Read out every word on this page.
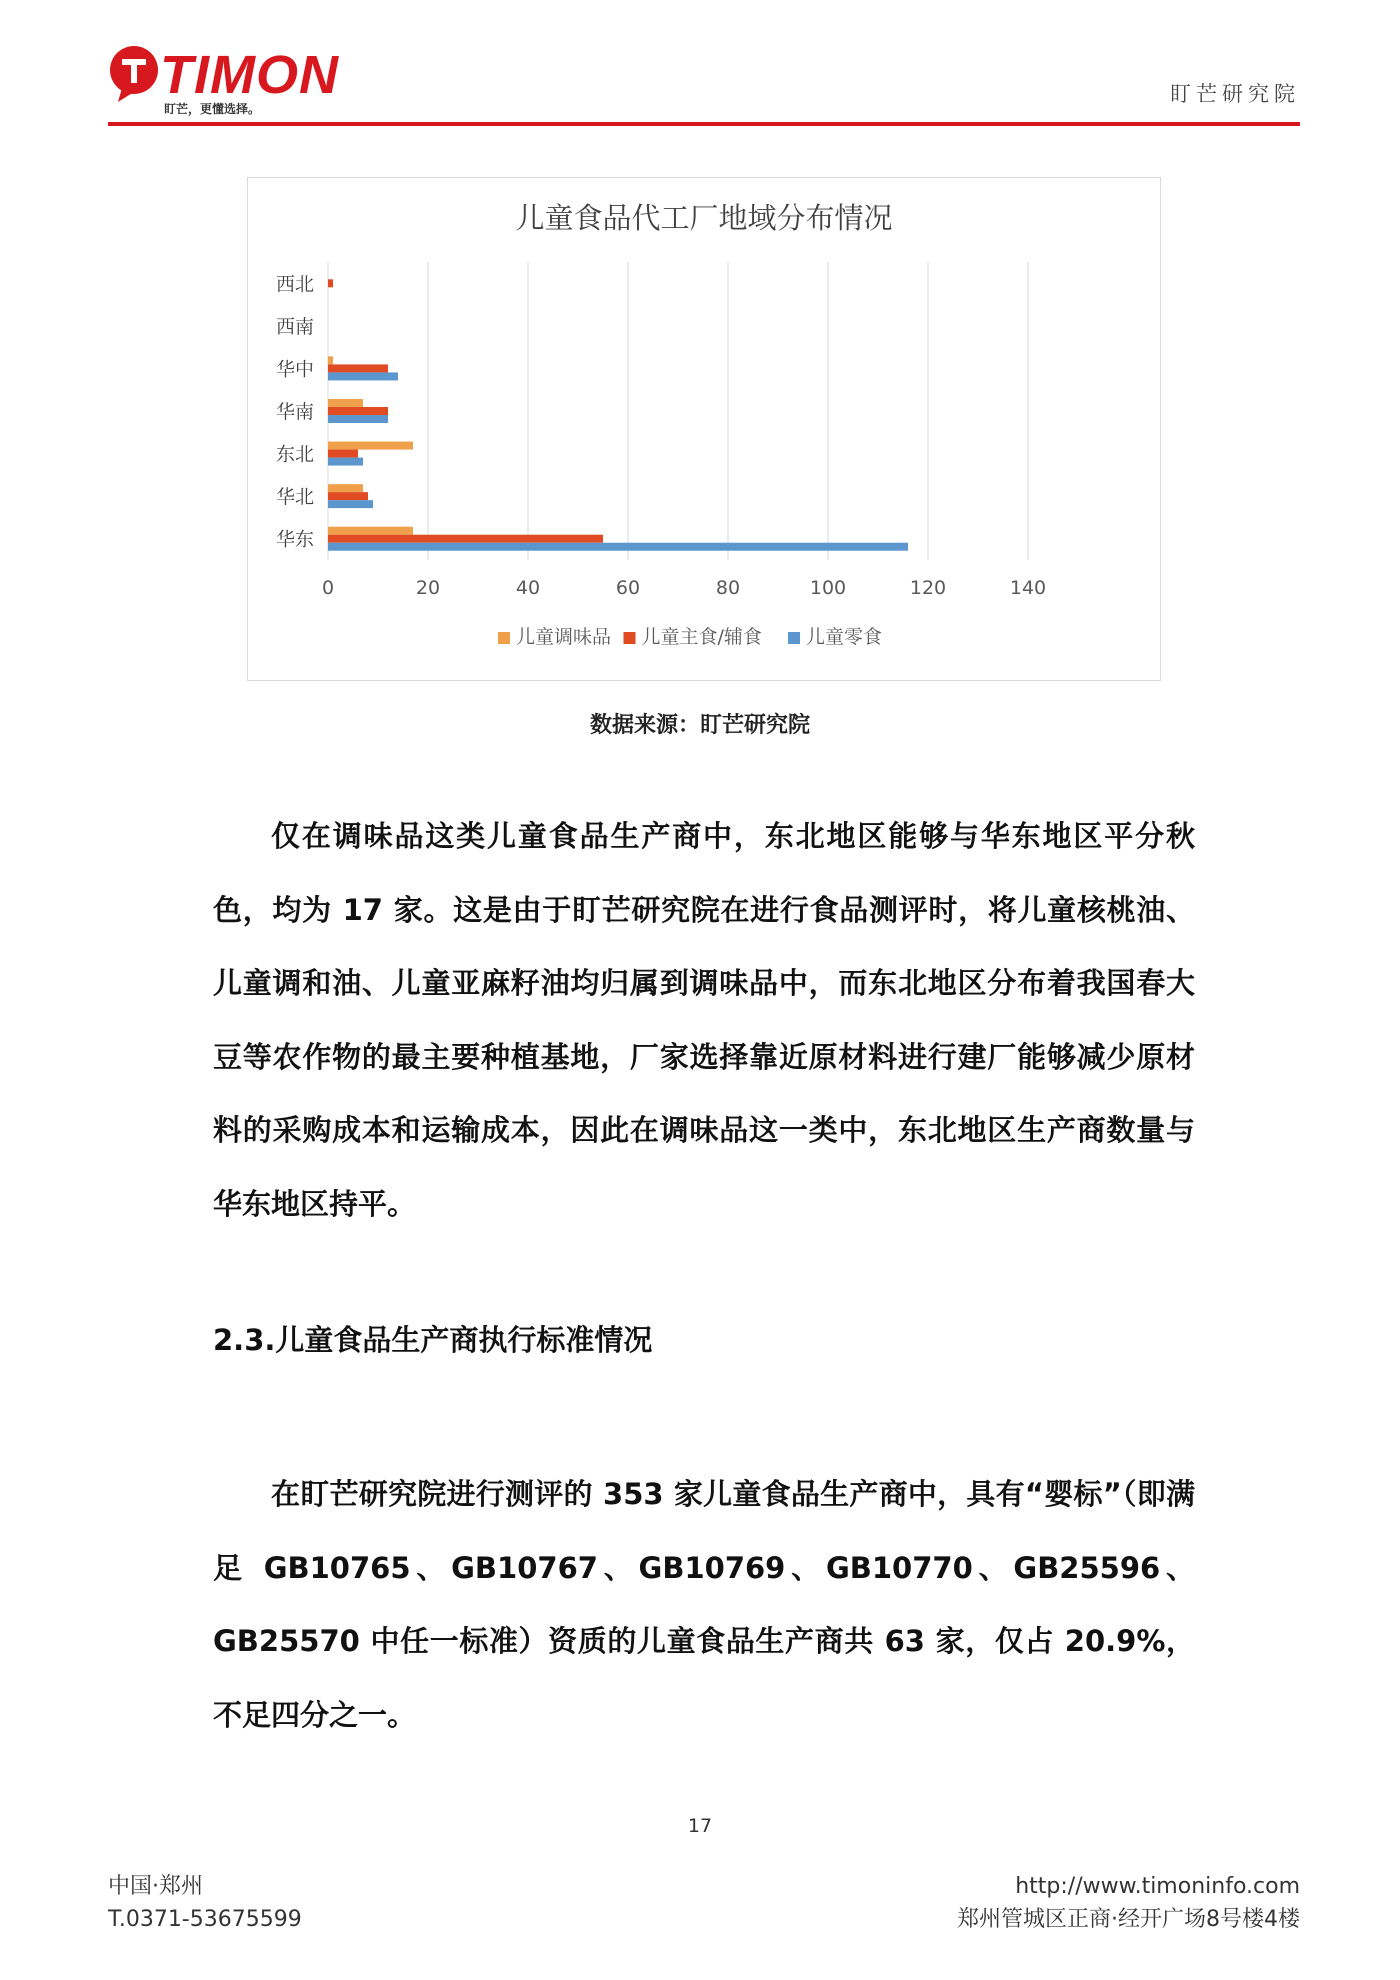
TIMON
盯芒，更懂选择。
盯芒研究院
儿童食品代工厂地域分布情况
0	20	40	60	80	100	120	140
西北
西南
华中
华南
东北
华北
华东
儿童调味品 儿童主食/辅食 儿童零食
数据来源：盯芒研究院

仅在调味品这类儿童食品生产商中，东北地区能够与华东地区平分秋色，均为 17 家。这是由于盯芒研究院在进行食品测评时，将儿童核桃油、儿童调和油、儿童亚麻籽油均归属到调味品中，而东北地区分布着我国春大豆等农作物的最主要种植基地，厂家选择靠近原材料进行建厂能够减少原材料的采购成本和运输成本，因此在调味品这一类中，东北地区生产商数量与华东地区持平。

2.3.儿童食品生产商执行标准情况

在盯芒研究院进行测评的 353 家儿童食品生产商中，具有“婴标”（即满足 GB10765、GB10767、GB10769、GB10770、GB25596、GB25570 中任一标准）资质的儿童食品生产商共 63 家，仅占 20.9%，不足四分之一。

17
中国·郑州
T.0371-53675599
http://www.timoninfo.com
郑州管城区正商·经开广场8号楼4楼
